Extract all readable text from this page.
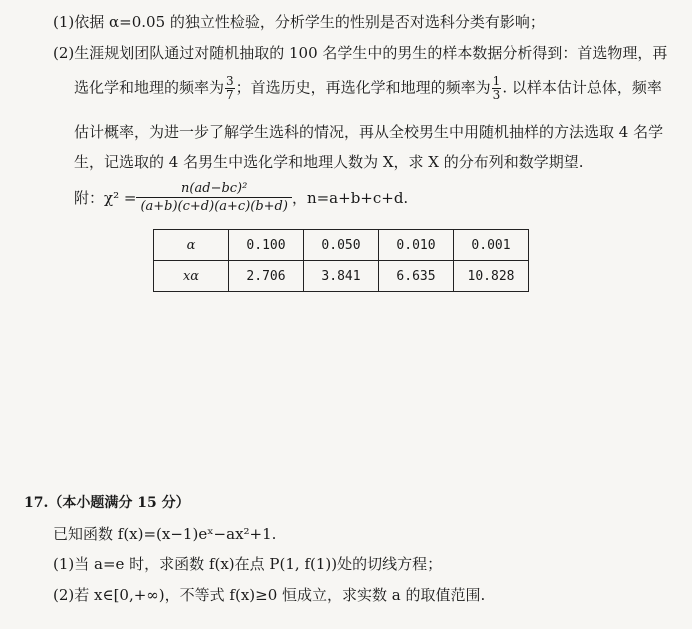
(1)依据 α=0.05 的独立性检验，分析学生的性别是否对选科分类有影响；
(2)生涯规划团队通过对随机抽取的 100 名学生中的男生的样本数据分析得到：首选物理，再
选化学和地理的频率为 $\frac{3}{7}$ ；首选历史，再选化学和地理的频率为 $\frac{1}{3}$ . 以样本估计总体，频率
估计概率，为进一步了解学生选科的情况，再从全校男生中用随机抽样的方法选取 4 名学
生，记选取的 4 名男生中选化学和地理人数为 X，求 X 的分布列和数学期望.
附：$\chi^2 = \frac{\text{n(ad−bc)²}}{(a+b)(c+d)(a+c)(b+d)}$ ，n=a+b+c+d.
α	0.100	0.050	0.010	0.001
xα	2.706	3.841	6.635	10.828
17.（本小题满分 15 分）
已知函数 f(x)=(x−1)eˣ−ax²+1.
(1)当 a=e 时，求函数 f(x)在点 P(1, f(1))处的切线方程；
(2)若 x∈[0,+∞)，不等式 f(x)≥0 恒成立，求实数 a 的取值范围.
